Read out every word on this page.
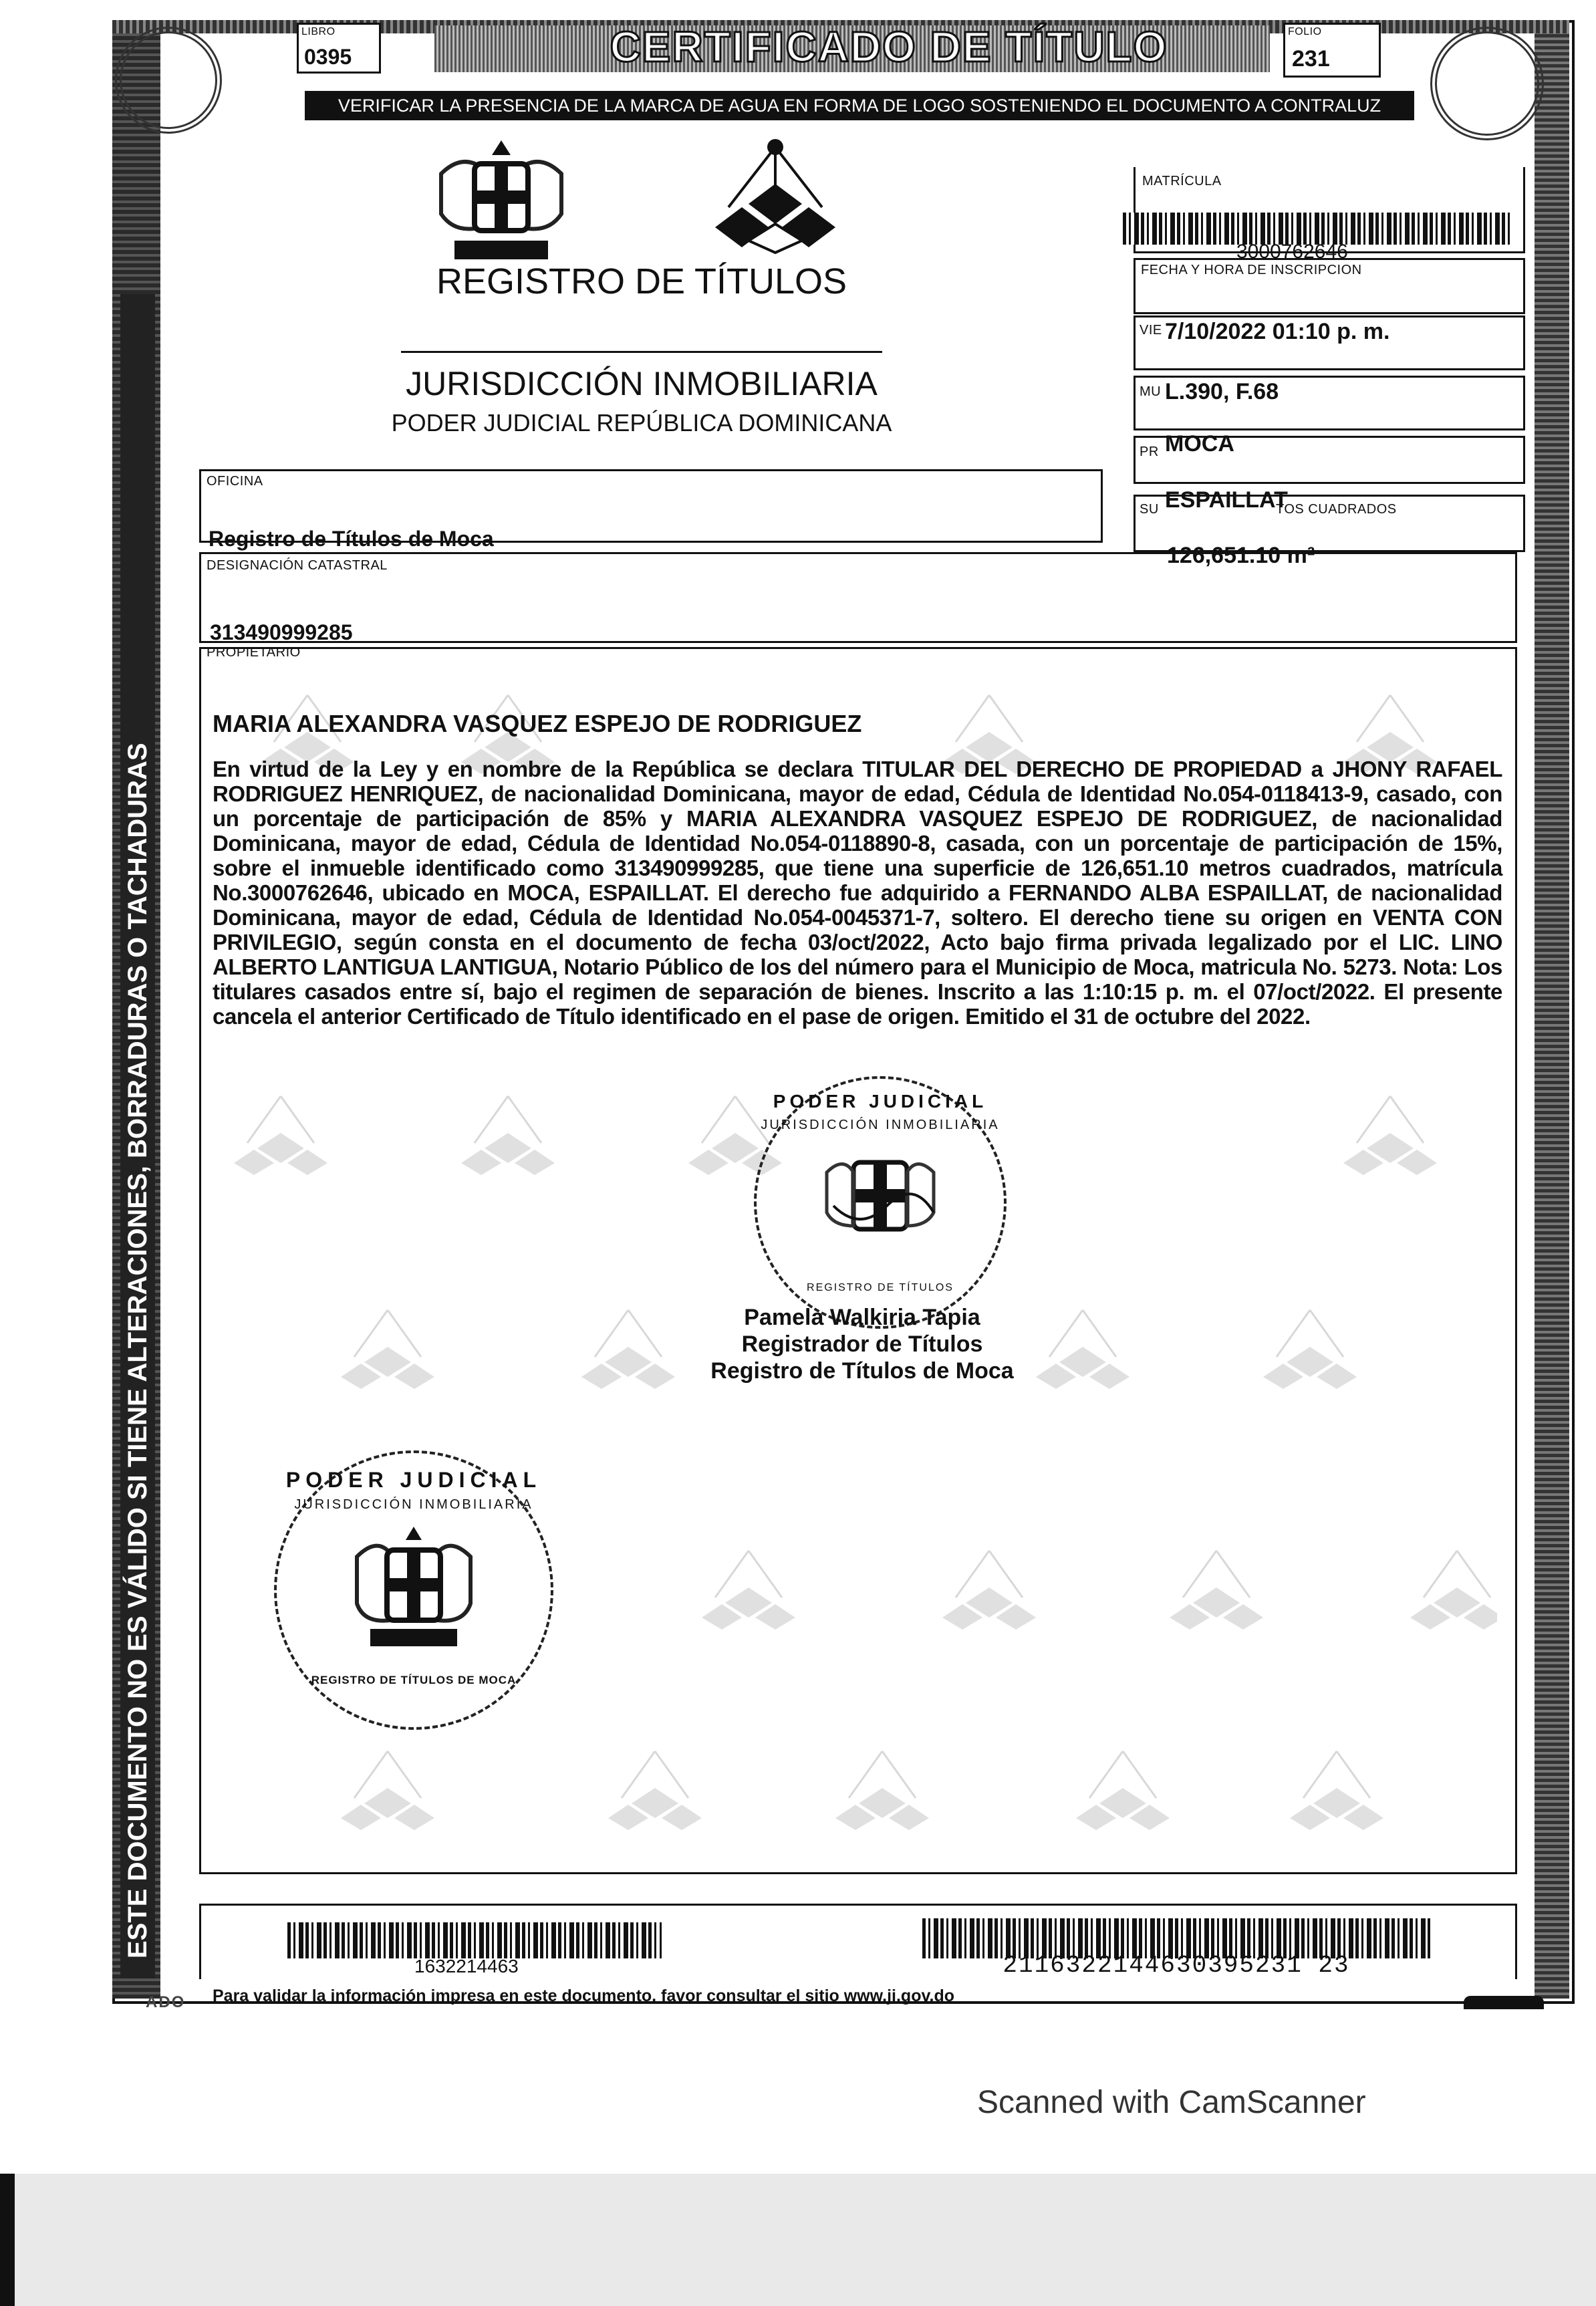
ESTE DOCUMENTO NO ES VÁLIDO SI TIENE ALTERACIONES, BORRADURAS O TACHADURAS
LIBRO
0395	CERTIFICADO DE TÍTULO	FOLIO
231
VERIFICAR LA PRESENCIA DE LA MARCA DE AGUA EN FORMA DE LOGO SOSTENIENDO EL DOCUMENTO A CONTRALUZ
REGISTRO DE TÍTULOS
JURISDICCIÓN INMOBILIARIA
PODER JUDICIAL REPÚBLICA DOMINICANA
MATRÍCULA
3000762646
FECHA Y HORA DE INSCRIPCION
VIE 7/10/2022 01:10 p. m.
MU L.390, F.68
PR MOCA
SU	TOS CUADRADOS
ESPAILLAT
126,651.10 m²
OFICINA
Registro de Títulos de Moca
DESIGNACIÓN CATASTRAL
313490999285
PROPIETARIO
MARIA ALEXANDRA VASQUEZ ESPEJO DE RODRIGUEZ
En virtud de la Ley y en nombre de la República se declara TITULAR DEL DERECHO DE PROPIEDAD a JHONY RAFAEL RODRIGUEZ HENRIQUEZ, de nacionalidad Dominicana, mayor de edad, Cédula de Identidad No.054-0118413-9, casado, con un porcentaje de participación de 85% y MARIA ALEXANDRA VASQUEZ ESPEJO DE RODRIGUEZ, de nacionalidad Dominicana, mayor de edad, Cédula de Identidad No.054-0118890-8, casada, con un porcentaje de participación de 15%, sobre el inmueble identificado como 313490999285, que tiene una superficie de 126,651.10 metros cuadrados, matrícula No.3000762646, ubicado en MOCA, ESPAILLAT. El derecho fue adquirido a FERNANDO ALBA ESPAILLAT, de nacionalidad Dominicana, mayor de edad, Cédula de Identidad No.054-0045371-7, soltero. El derecho tiene su origen en VENTA CON PRIVILEGIO, según consta en el documento de fecha 03/oct/2022, Acto bajo firma privada legalizado por el LIC. LINO ALBERTO LANTIGUA LANTIGUA, Notario Público de los del número para el Municipio de Moca, matricula No. 5273. Nota: Los titulares casados entre sí, bajo el regimen de separación de bienes. Inscrito a las 1:10:15 p. m. el 07/oct/2022. El presente cancela el anterior Certificado de Título identificado en el pase de origen. Emitido el 31 de octubre del 2022.
PODER JUDICIAL
JURISDICCIÓN INMOBILIARIA
REGISTRO DE TÍTULOS
Pamela Walkiria Tapia
Registrador de Títulos
Registro de Títulos de Moca
PODER JUDICIAL
JURISDICCIÓN INMOBILIARIA
REGISTRO DE TÍTULOS DE MOCA
1632214463	2116322144630395231 23
ADO Para validar la información impresa en este documento, favor consultar el sitio www.ji.gov.do
Scanned with CamScanner
